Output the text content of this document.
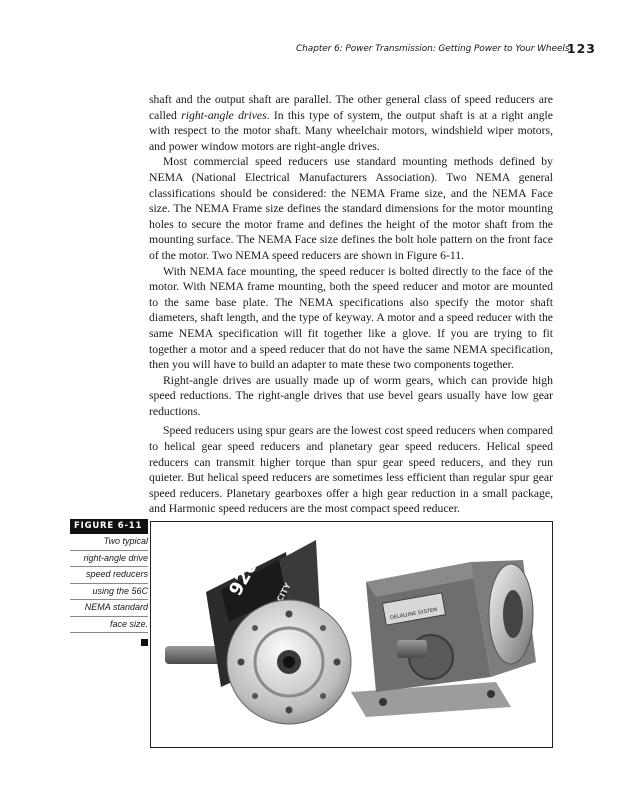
Chapter 6: Power Transmission: Getting Power to Your Wheels
123

shaft and the output shaft are parallel. The other general class of speed reducers are called right-angle drives. In this type of system, the output shaft is at a right angle with respect to the motor shaft. Many wheelchair motors, windshield wiper motors, and power window motors are right-angle drives.

Most commercial speed reducers use standard mounting methods defined by NEMA (National Electrical Manufacturers Association). Two NEMA general classifications should be considered: the NEMA Frame size, and the NEMA Face size. The NEMA Frame size defines the standard dimensions for the motor mounting holes to secure the motor frame and defines the height of the motor shaft from the mounting surface. The NEMA Face size defines the bolt hole pattern on the front face of the motor. Two NEMA speed reducers are shown in Figure 6-11.

With NEMA face mounting, the speed reducer is bolted directly to the face of the motor. With NEMA frame mounting, both the speed reducer and motor are mounted to the same base plate. The NEMA specifications also specify the motor shaft diameters, shaft length, and the type of keyway. A motor and a speed reducer with the same NEMA specification will fit together like a glove. If you are trying to fit together a motor and a speed reducer that do not have the same NEMA specification, then you will have to build an adapter to mate these two components together.

Right-angle drives are usually made up of worm gears, which can provide high speed reductions. The right-angle drives that use bevel gears usually have low gear reductions.

Speed reducers using spur gears are the lowest cost speed reducers when compared to helical gear speed reducers and planetary gear speed reducers. Helical speed reducers can transmit higher torque than spur gear speed reducers, and they run quieter. But helical speed reducers are sometimes less efficient than regular spur gear speed reducers. Planetary gearboxes offer a high gear reduction in a small package, and Harmonic speed reducers are the most compact speed reducer.

FIGURE 6-11
Two typical
right-angle drive
speed reducers
using the 56C
NEMA standard
face size.
920
DELALUNE SYSTEM
